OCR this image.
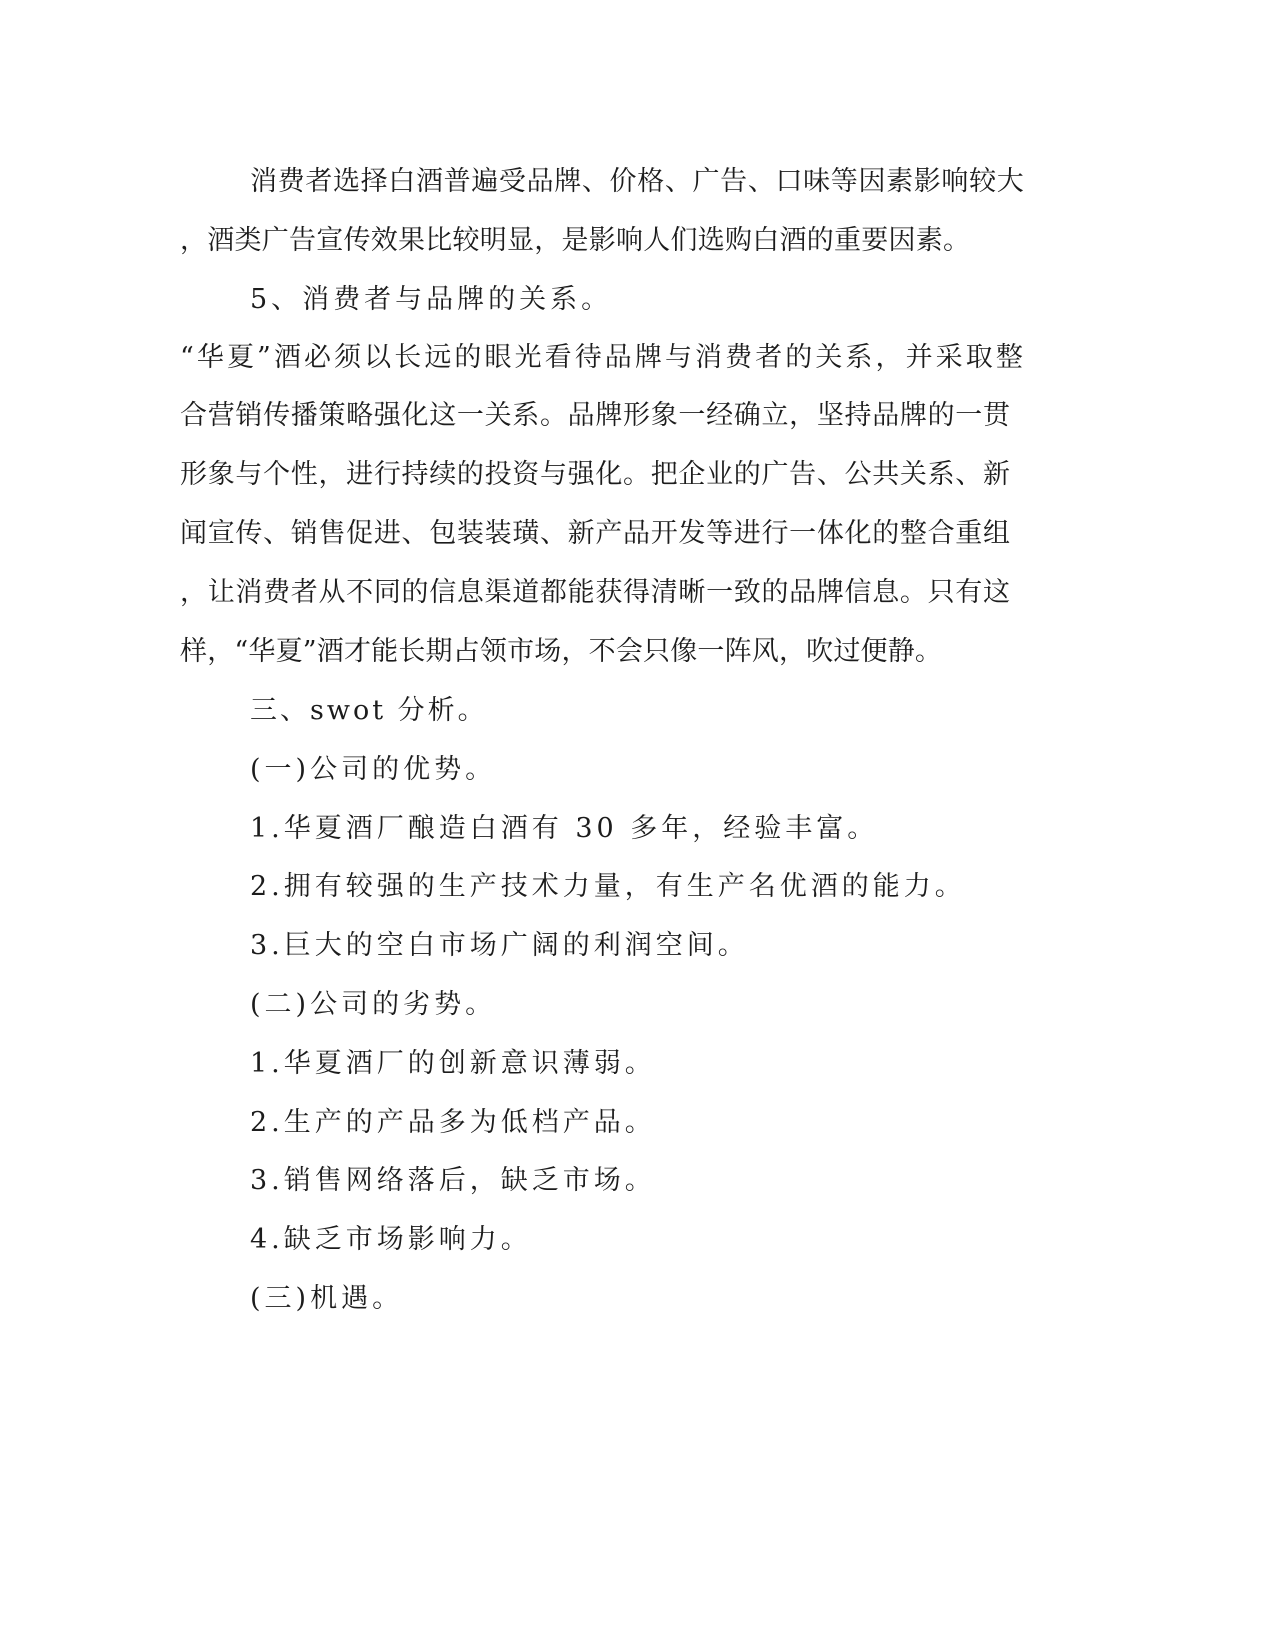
消 费 者 选 择 白 酒 普 遍 受 品 牌 、 价 格 、 广 告 、 口 味 等 因 素 影 响 较 大

， 酒 类 广 告 宣 传 效 果 比 较 明 显 ， 是 影 响 人 们 选 购 白 酒 的 重 要 因 素 。

5、消费者与品牌的关系。

“ 华 夏 ” 酒 必 须 以 长 远 的 眼 光 看 待 品 牌 与 消 费 者 的 关 系 ， 并 采 取 整

合 营 销 传 播 策 略 强 化 这 一 关 系 。 品 牌 形 象 一 经 确 立 ， 坚 持 品 牌 的 一 贯

形 象 与 个 性 ， 进 行 持 续 的 投 资 与 强 化 。 把 企 业 的 广 告 、 公 共 关 系 、 新

闻 宣 传 、 销 售 促 进 、 包 装 装 璜 、 新 产 品 开 发 等 进 行 一 体 化 的 整 合 重 组

， 让 消 费 者 从 不 同 的 信 息 渠 道 都 能 获 得 清 晰 一 致 的 品 牌 信 息 。 只 有 这

样 ， “ 华 夏 ” 酒 才 能 长 期 占 领 市 场 ， 不 会 只 像 一 阵 风 ， 吹 过 便 静 。

三、swot 分析。

(一)公司的优势。

1.华夏酒厂酿造白酒有 30 多年，经验丰富。

2.拥有较强的生产技术力量，有生产名优酒的能力。

3.巨大的空白市场广阔的利润空间。

(二)公司的劣势。

1.华夏酒厂的创新意识薄弱。

2.生产的产品多为低档产品。

3.销售网络落后，缺乏市场。

4.缺乏市场影响力。

(三)机遇。
